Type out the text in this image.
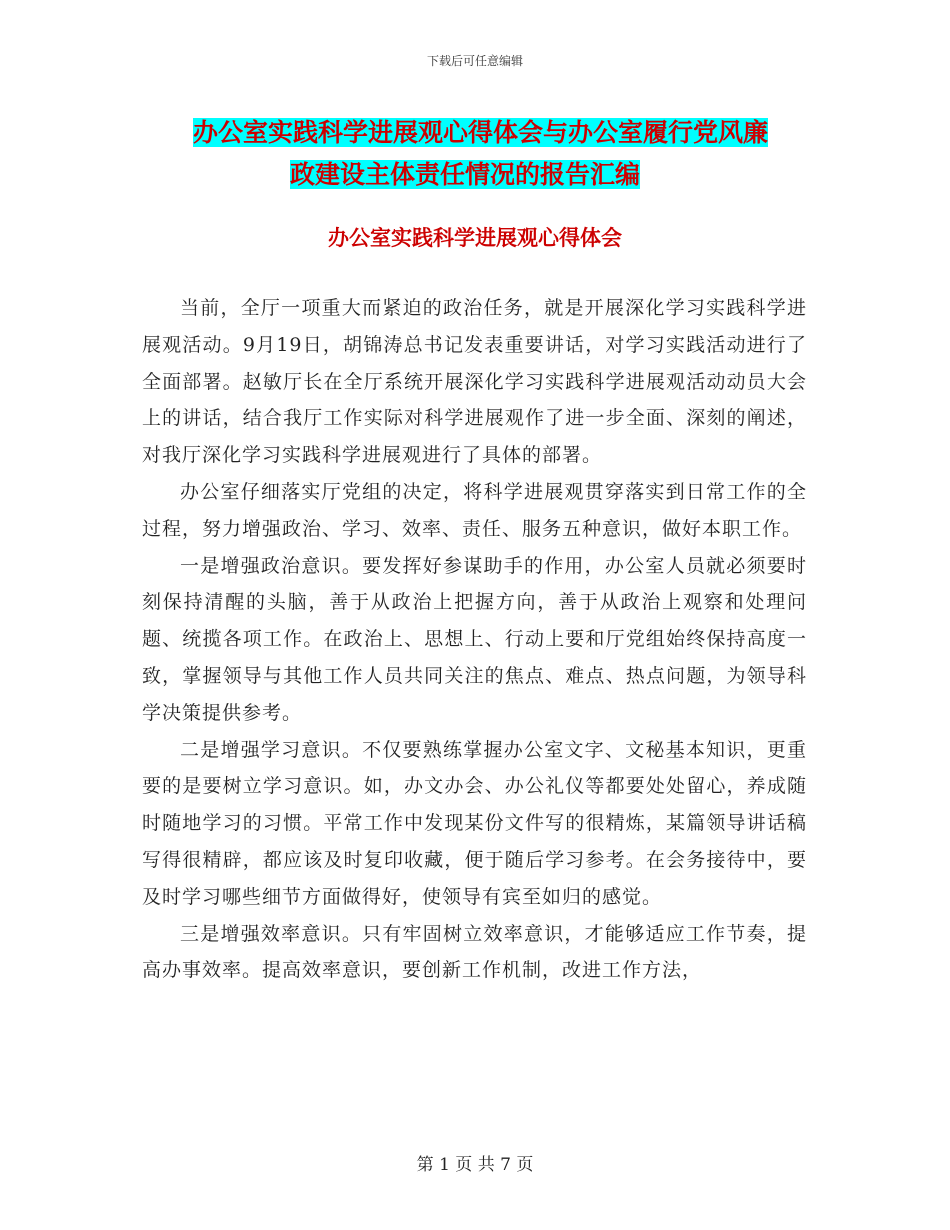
下载后可任意编辑
办公室实践科学进展观心得体会与办公室履行党风廉
政建设主体责任情况的报告汇编
办公室实践科学进展观心得体会

当前，全厅一项重大而紧迫的政治任务，就是开展深化学习实践科学进展观活动。9月19日，胡锦涛总书记发表重要讲话，对学习实践活动进行了全面部署。赵敏厅长在全厅系统开展深化学习实践科学进展观活动动员大会上的讲话，结合我厅工作实际对科学进展观作了进一步全面、深刻的阐述，对我厅深化学习实践科学进展观进行了具体的部署。

办公室仔细落实厅党组的决定，将科学进展观贯穿落实到日常工作的全过程，努力增强政治、学习、效率、责任、服务五种意识，做好本职工作。

一是增强政治意识。要发挥好参谋助手的作用，办公室人员就必须要时刻保持清醒的头脑，善于从政治上把握方向，善于从政治上观察和处理问题、统揽各项工作。在政治上、思想上、行动上要和厅党组始终保持高度一致，掌握领导与其他工作人员共同关注的焦点、难点、热点问题，为领导科学决策提供参考。

二是增强学习意识。不仅要熟练掌握办公室文字、文秘基本知识，更重要的是要树立学习意识。如，办文办会、办公礼仪等都要处处留心，养成随时随地学习的习惯。平常工作中发现某份文件写的很精炼，某篇领导讲话稿写得很精辟，都应该及时复印收藏，便于随后学习参考。在会务接待中，要及时学习哪些细节方面做得好，使领导有宾至如归的感觉。

三是增强效率意识。只有牢固树立效率意识，才能够适应工作节奏，提高办事效率。提高效率意识，要创新工作机制，改进工作方法，

第 1 页 共 7 页
